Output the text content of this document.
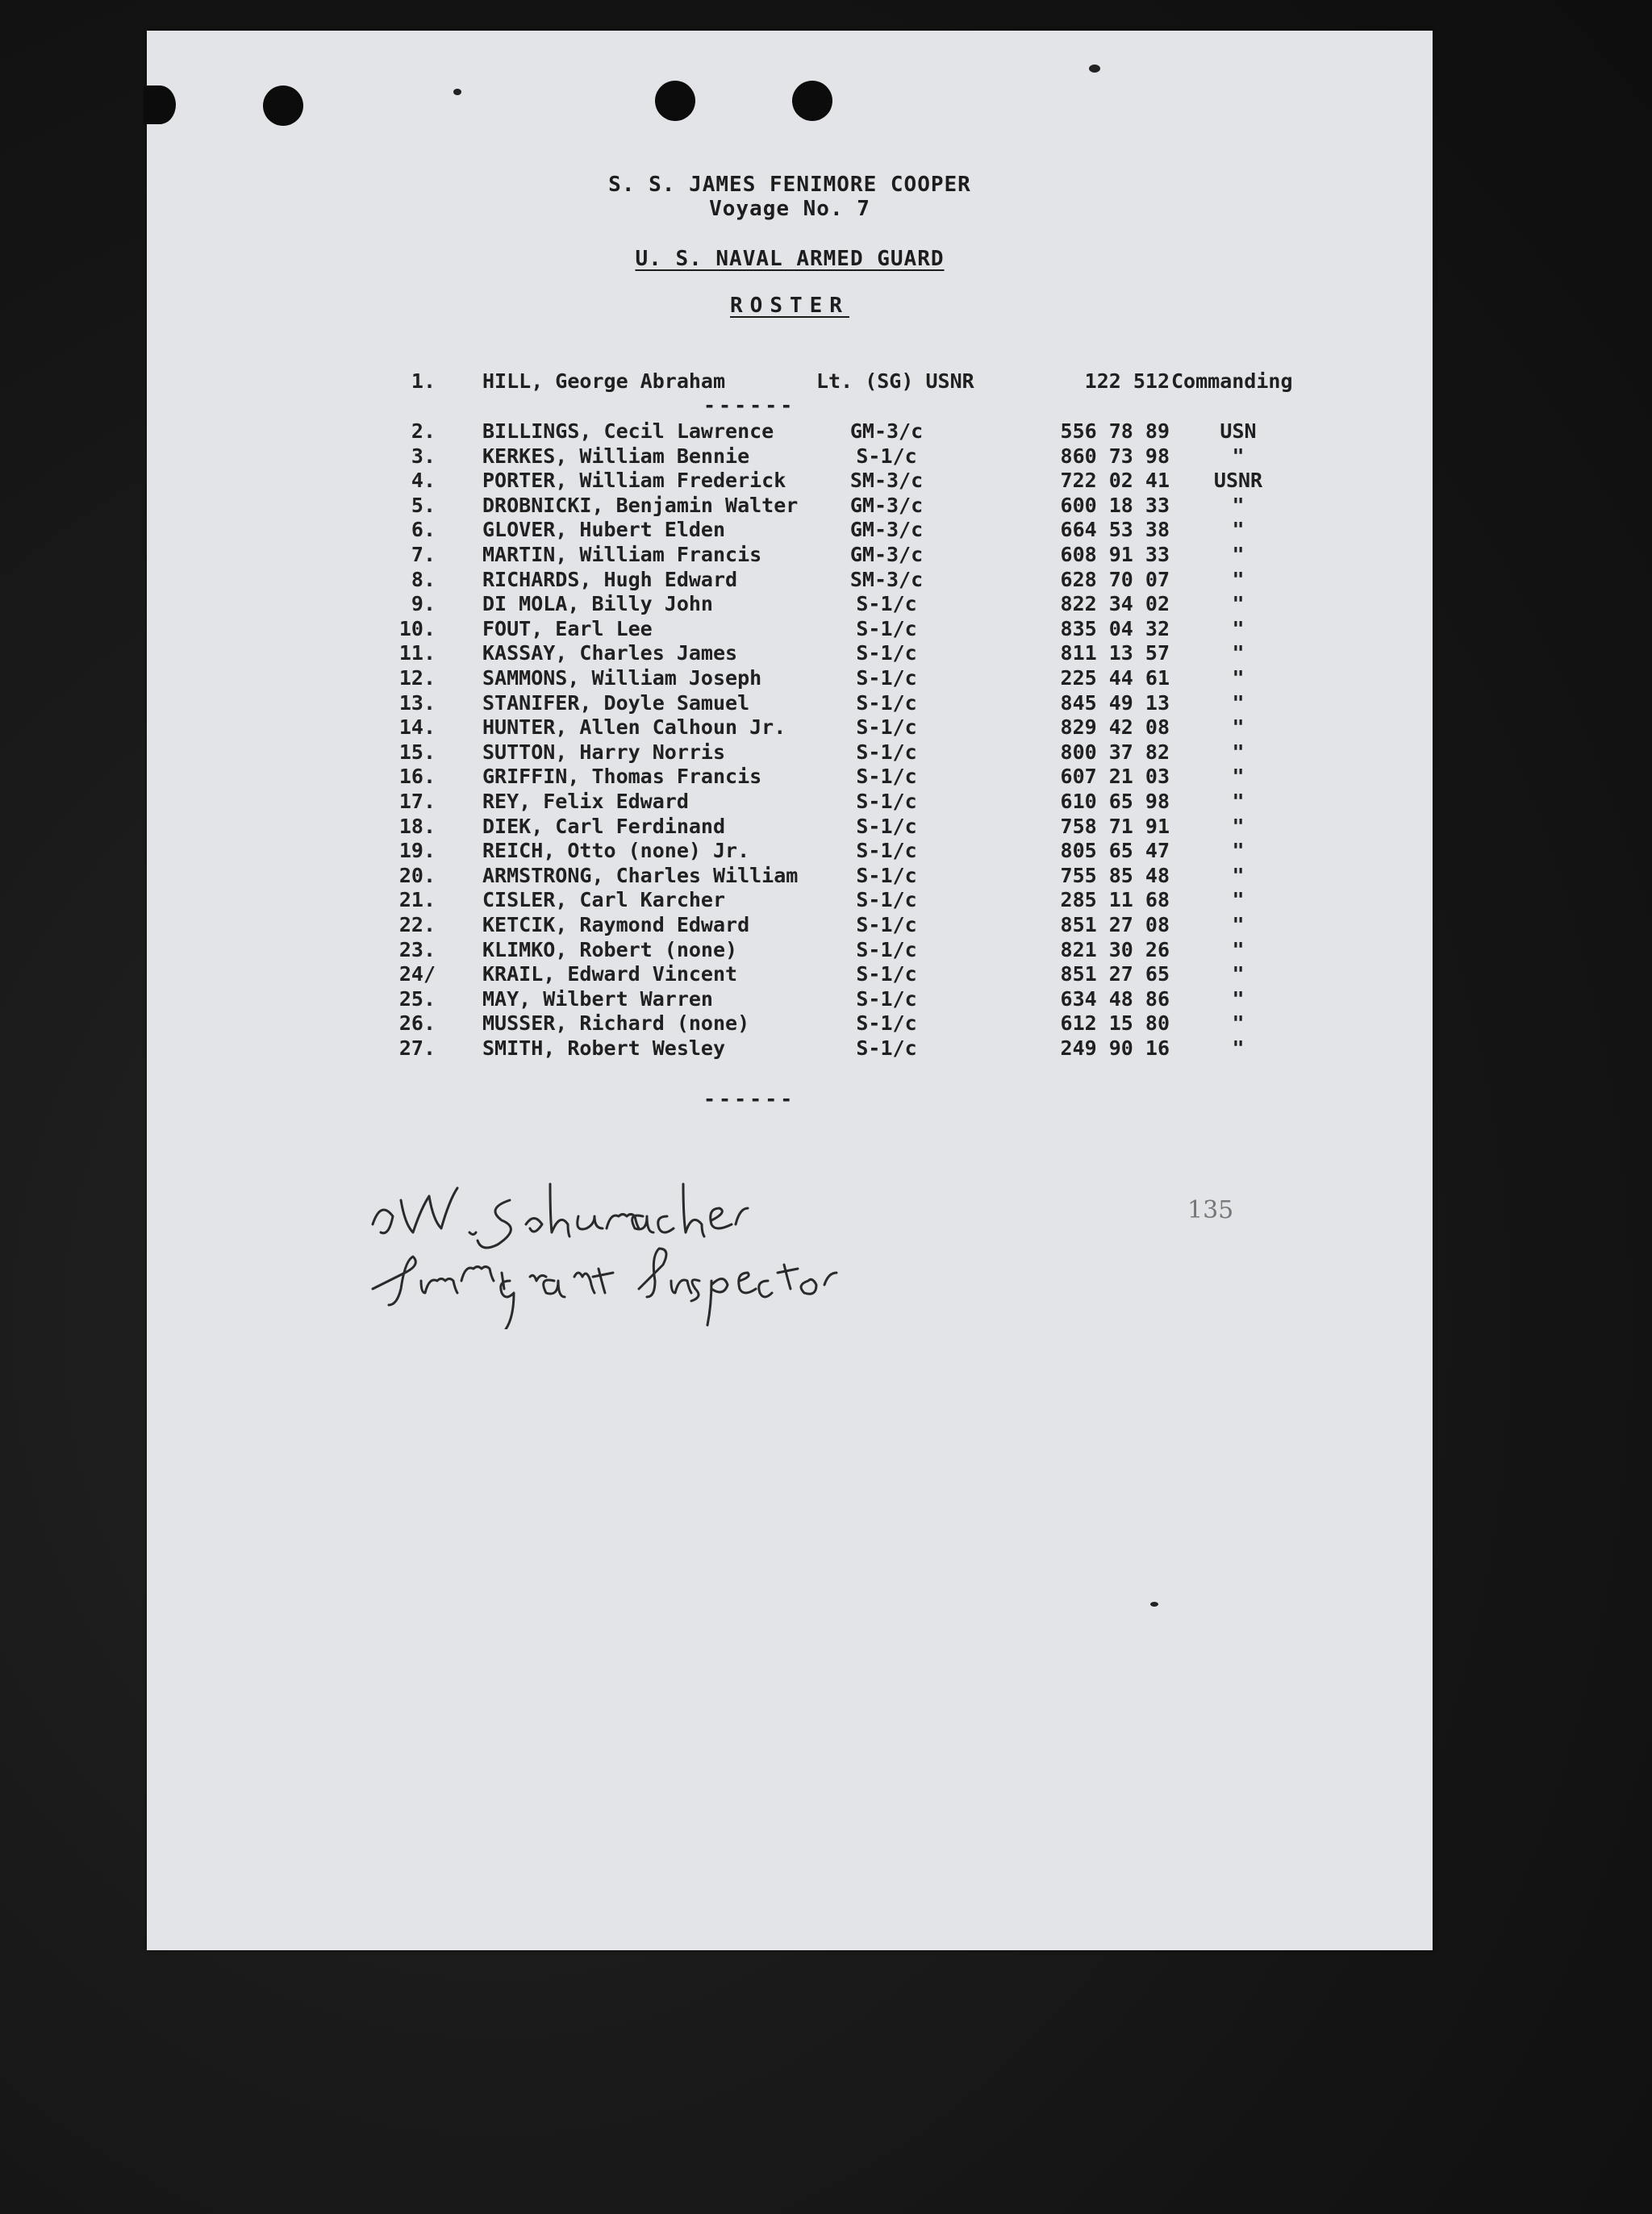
S. S. JAMES FENIMORE COOPER
Voyage No. 7
U. S. NAVAL ARMED GUARD
ROSTER
1. HILL, George Abraham	Lt. (SG) USNR	122 512 Commanding
------
2. BILLINGS, Cecil Lawrence	GM-3/c	556 78 89	USN
3. KERKES, William Bennie	S-1/c	860 73 98	"
4. PORTER, William Frederick	SM-3/c	722 02 41	USNR
5. DROBNICKI, Benjamin Walter	GM-3/c	600 18 33	"
6. GLOVER, Hubert Elden	GM-3/c	664 53 38	"
7. MARTIN, William Francis	GM-3/c	608 91 33	"
8. RICHARDS, Hugh Edward	SM-3/c	628 70 07	"
9. DI MOLA, Billy John	S-1/c	822 34 02	"
10. FOUT, Earl Lee	S-1/c	835 04 32	"
11. KASSAY, Charles James	S-1/c	811 13 57	"
12. SAMMONS, William Joseph	S-1/c	225 44 61	"
13. STANIFER, Doyle Samuel	S-1/c	845 49 13	"
14. HUNTER, Allen Calhoun Jr.	S-1/c	829 42 08	"
15. SUTTON, Harry Norris	S-1/c	800 37 82	"
16. GRIFFIN, Thomas Francis	S-1/c	607 21 03	"
17. REY, Felix Edward	S-1/c	610 65 98	"
18. DIEK, Carl Ferdinand	S-1/c	758 71 91	"
19. REICH, Otto (none) Jr.	S-1/c	805 65 47	"
20. ARMSTRONG, Charles William	S-1/c	755 85 48	"
21. CISLER, Carl Karcher	S-1/c	285 11 68	"
22. KETCIK, Raymond Edward	S-1/c	851 27 08	"
23. KLIMKO, Robert (none)	S-1/c	821 30 26	"
24/ KRAIL, Edward Vincent	S-1/c	851 27 65	"
25. MAY, Wilbert Warren	S-1/c	634 48 86	"
26. MUSSER, Richard (none)	S-1/c	612 15 80	"
27. SMITH, Robert Wesley	S-1/c	249 90 16	"
------
135
